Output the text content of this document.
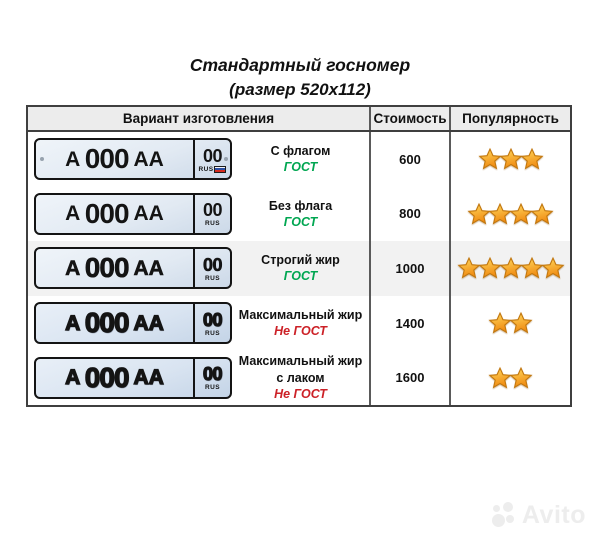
Стандартный госномер
(размер 520x112)
Вариант изготовления	Стоимость	Популярность
А 000 АА 00
RUS
С флагом
ГОСТ
600
А 000 АА 00
RUS
Без флага
ГОСТ
800
А 000 АА 00
RUS
Строгий жир
ГОСТ
1000
А 000 АА 00
RUS
Максимальный жир
Не ГОСТ
1400
А 000 АА 00
RUS
Максимальный жир с лаком
Не ГОСТ
1600
Avito
